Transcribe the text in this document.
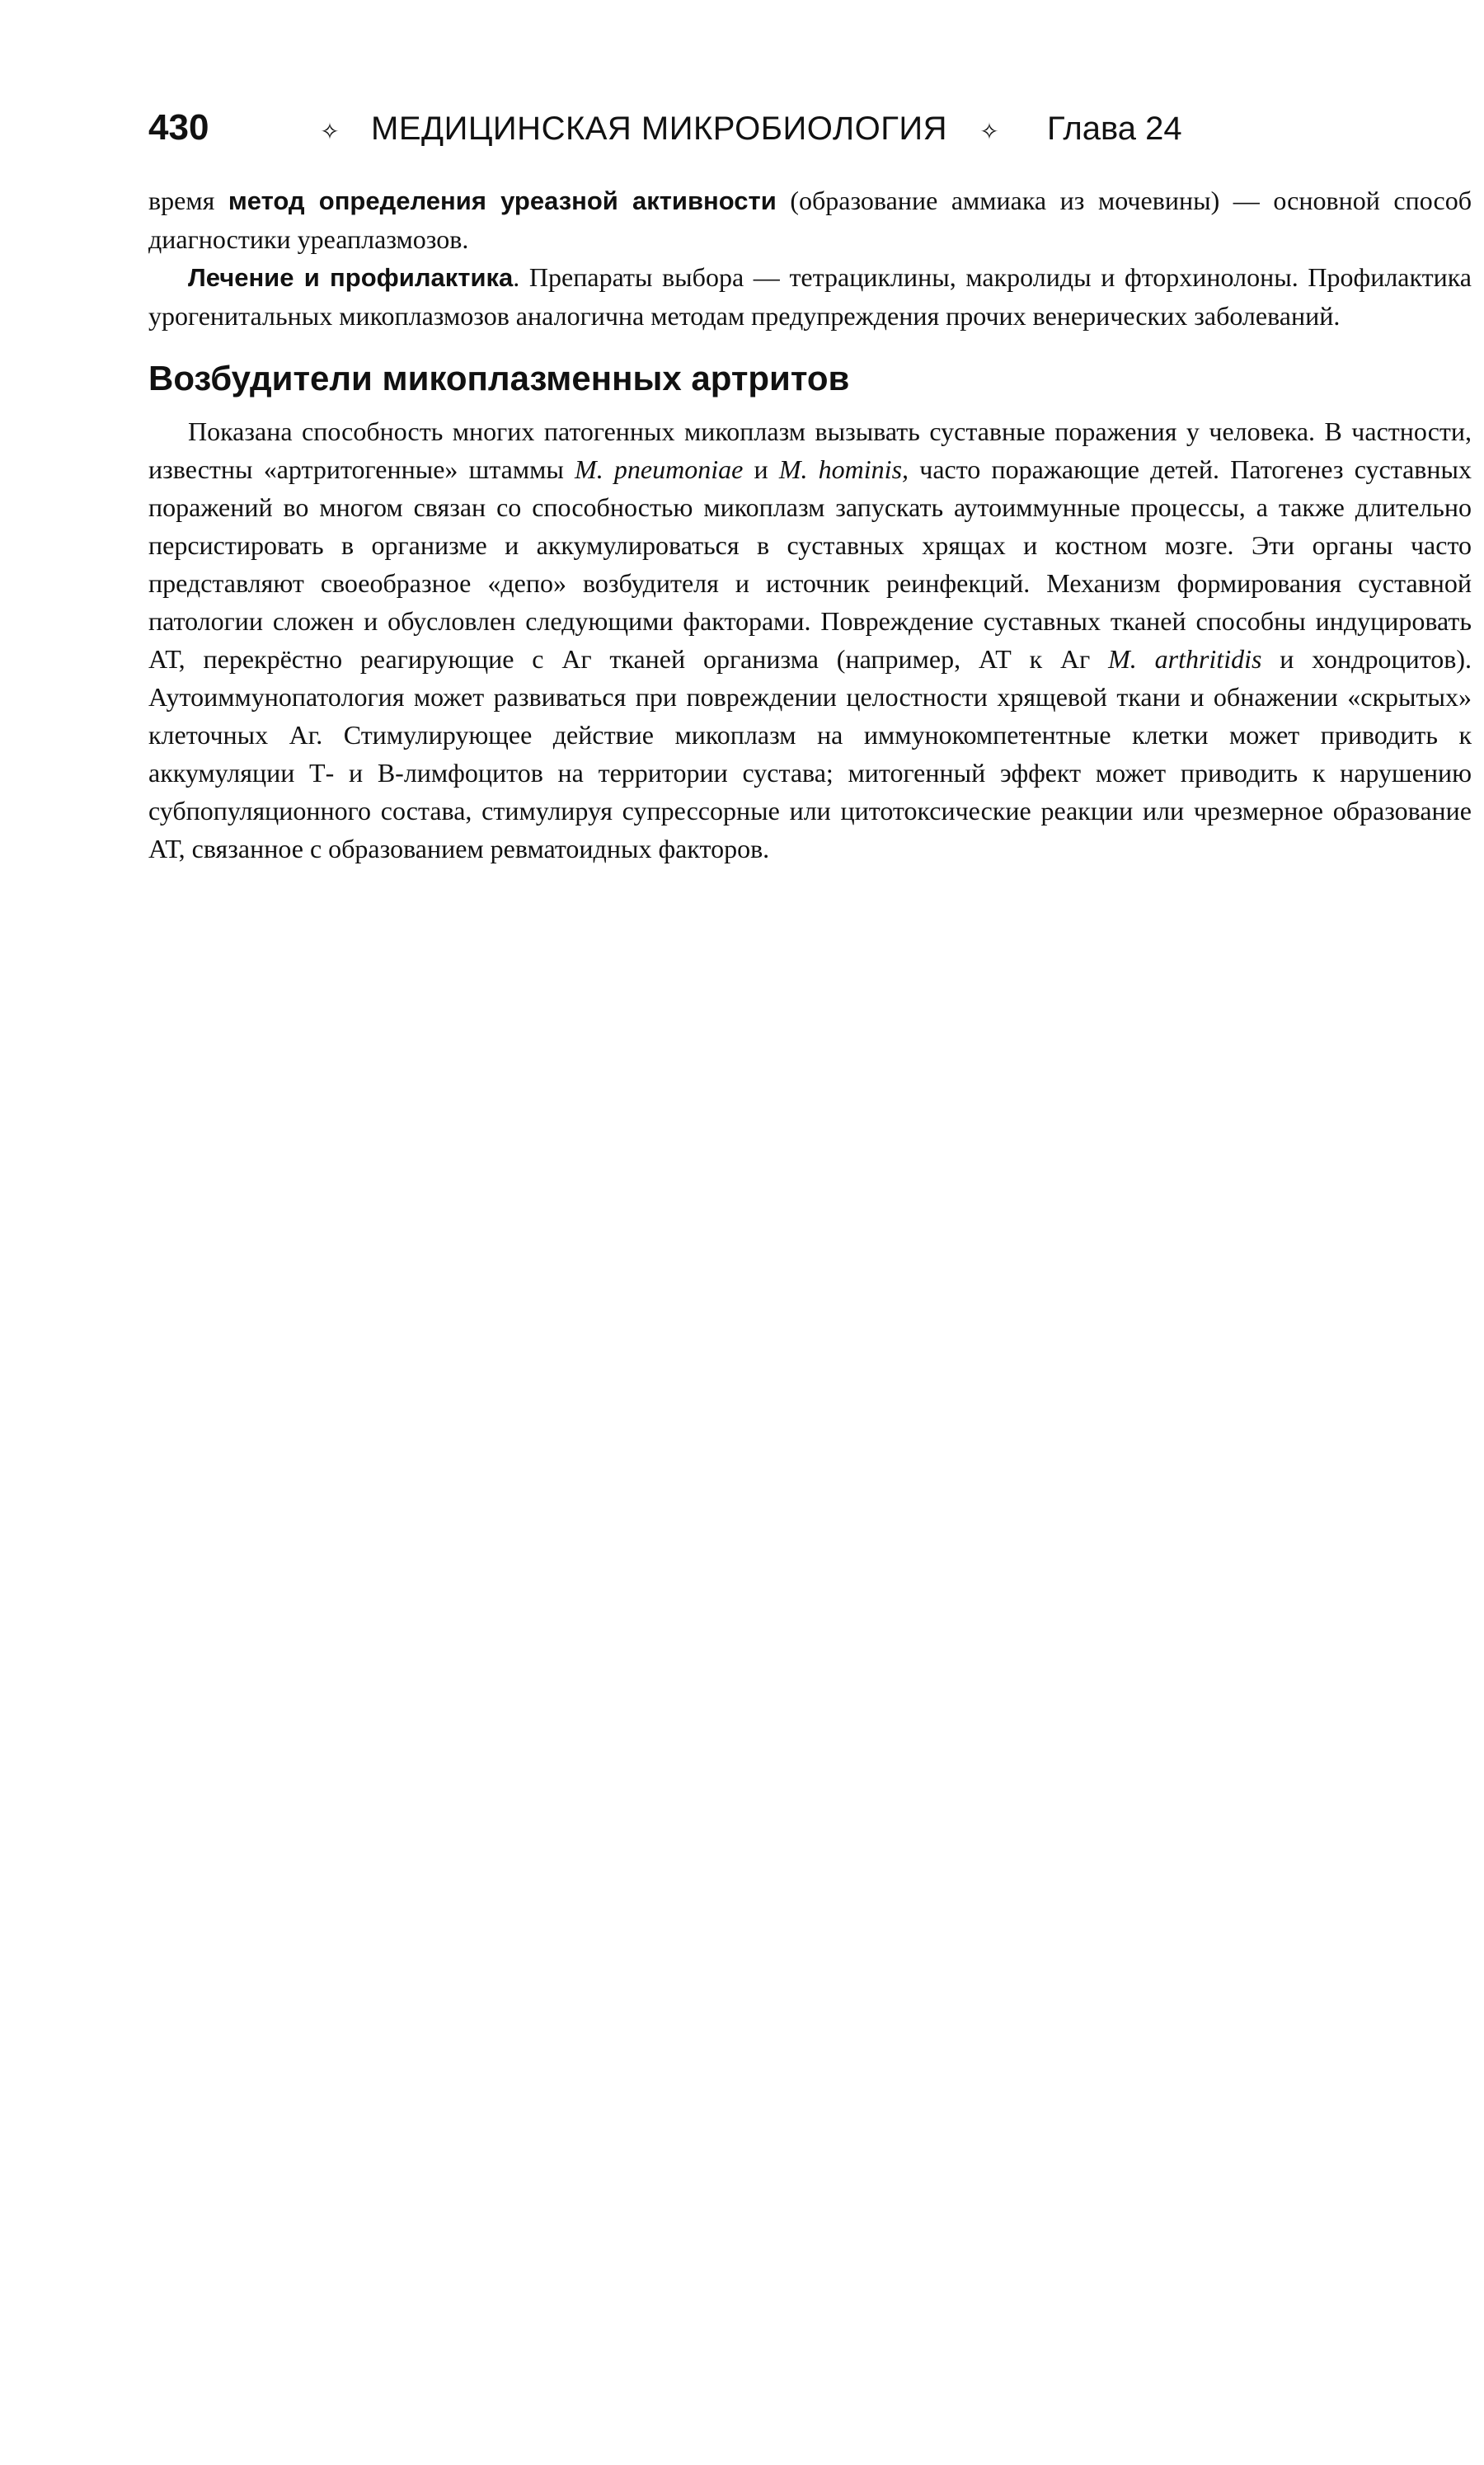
430	✧ МЕДИЦИНСКАЯ МИКРОБИОЛОГИЯ	✧	Глава 24

время метод определения уреазной активности (образование аммиака из мочевины) — основной способ диагностики уреаплазмозов.

Лечение и профилактика. Препараты выбора — тетрациклины, макролиды и фторхинолоны. Профилактика урогенитальных микоплазмозов аналогична методам предупреждения прочих венерических заболеваний.

Возбудители микоплазменных артритов

Показана способность многих патогенных микоплазм вызывать суставные поражения у человека. В частности, известны «артритогенные» штаммы M. pneumoniae и M. hominis, часто поражающие детей. Патогенез суставных поражений во многом связан со способностью микоплазм запускать аутоиммунные процессы, а также длительно персистировать в организме и аккумулироваться в суставных хрящах и костном мозге. Эти органы часто представляют своеобразное «депо» возбудителя и источник реинфекций. Механизм формирования суставной патологии сложен и обусловлен следующими факторами. Повреждение суставных тканей способны индуцировать АТ, перекрёстно реагирующие с Аг тканей организма (например, АТ к Аг M. arthritidis и хондроцитов). Аутоиммунопатология может развиваться при повреждении целостности хрящевой ткани и обнажении «скрытых» клеточных Аг. Стимулирующее действие микоплазм на иммунокомпетентные клетки может приводить к аккумуляции Т- и В-лимфоцитов на территории сустава; митогенный эффект может приводить к нарушению субпопуляционного состава, стимулируя супрессорные или цитотоксические реакции или чрезмерное образование АТ, связанное с образованием ревматоидных факторов.
